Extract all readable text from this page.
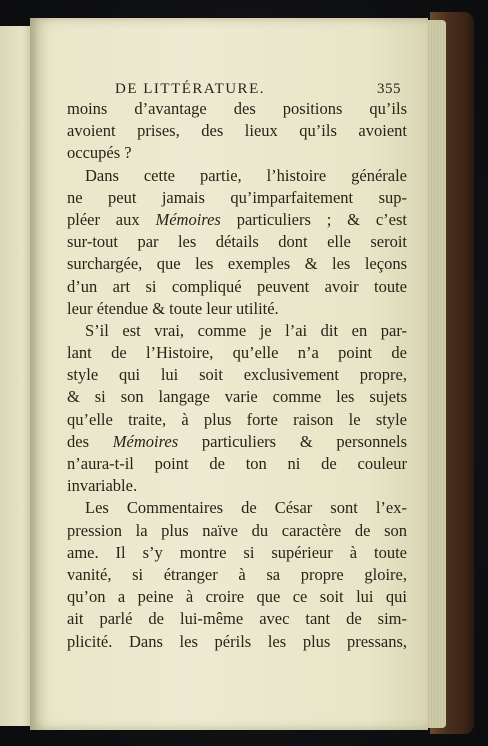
DE LITTÉRATURE.	355
moins d’avantage des positions qu’ils
avoient prises, des lieux qu’ils avoient
occupés ?
Dans cette partie, l’histoire générale
ne peut jamais qu’imparfaitement sup-
pléer aux Mémoires particuliers ; & c’est
sur-tout par les détails dont elle seroit
surchargée, que les exemples & les leçons
d’un art si compliqué peuvent avoir toute
leur étendue & toute leur utilité.
S’il est vrai, comme je l’ai dit en par-
lant de l’Histoire, qu’elle n’a point de
style qui lui soit exclusivement propre,
& si son langage varie comme les sujets
qu’elle traite, à plus forte raison le style
des Mémoires particuliers & personnels
n’aura-t-il point de ton ni de couleur
invariable.
Les Commentaires de César sont l’ex-
pression la plus naïve du caractère de son
ame. Il s’y montre si supérieur à toute
vanité, si étranger à sa propre gloire,
qu’on a peine à croire que ce soit lui qui
ait parlé de lui-même avec tant de sim-
plicité. Dans les périls les plus pressans,
